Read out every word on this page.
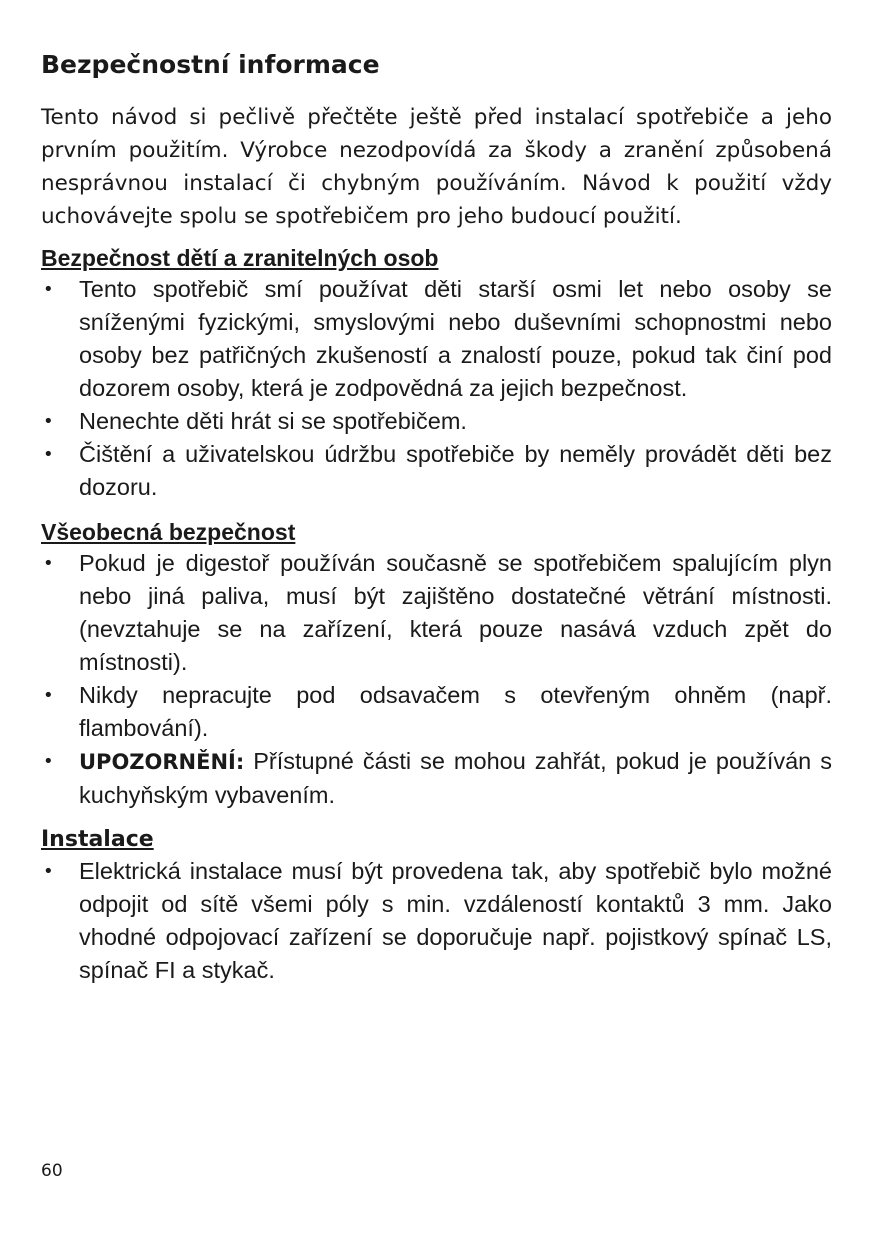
Bezpečnostní informace

Tento návod si pečlivě přečtěte ještě před instalací spotřebiče a jeho prvním použitím. Výrobce nezodpovídá za škody a zranění způsobená nesprávnou instalací či chybným používáním. Návod k použití vždy uchovávejte spolu se spotřebičem pro jeho budoucí použití.

Bezpečnost dětí a zranitelných osob
• Tento spotřebič smí používat děti starší osmi let nebo osoby se sníženými fyzickými, smyslovými nebo duševními schopnostmi nebo osoby bez patřičných zkušeností a znalostí pouze, pokud tak činí pod dozorem osoby, která je zodpovědná za jejich bezpečnost.
• Nenechte děti hrát si se spotřebičem.
• Čištění a uživatelskou údržbu spotřebiče by neměly provádět děti bez dozoru.
Všeobecná bezpečnost
• Pokud je digestoř používán současně se spotřebičem spalujícím plyn nebo jiná paliva, musí být zajištěno dostatečné větrání místnosti. (nevztahuje se na zařízení, která pouze nasává vzduch zpět do místnosti).
• Nikdy nepracujte pod odsavačem s otevřeným ohněm (např. flambování).
• UPOZORNĚNÍ: Přístupné části se mohou zahřát, pokud je používán s kuchyňským vybavením.
Instalace
• Elektrická instalace musí být provedena tak, aby spotřebič bylo možné odpojit od sítě všemi póly s min. vzdáleností kontaktů 3 mm. Jako vhodné odpojovací zařízení se doporučuje např. pojistkový spínač LS, spínač FI a stykač.
60
